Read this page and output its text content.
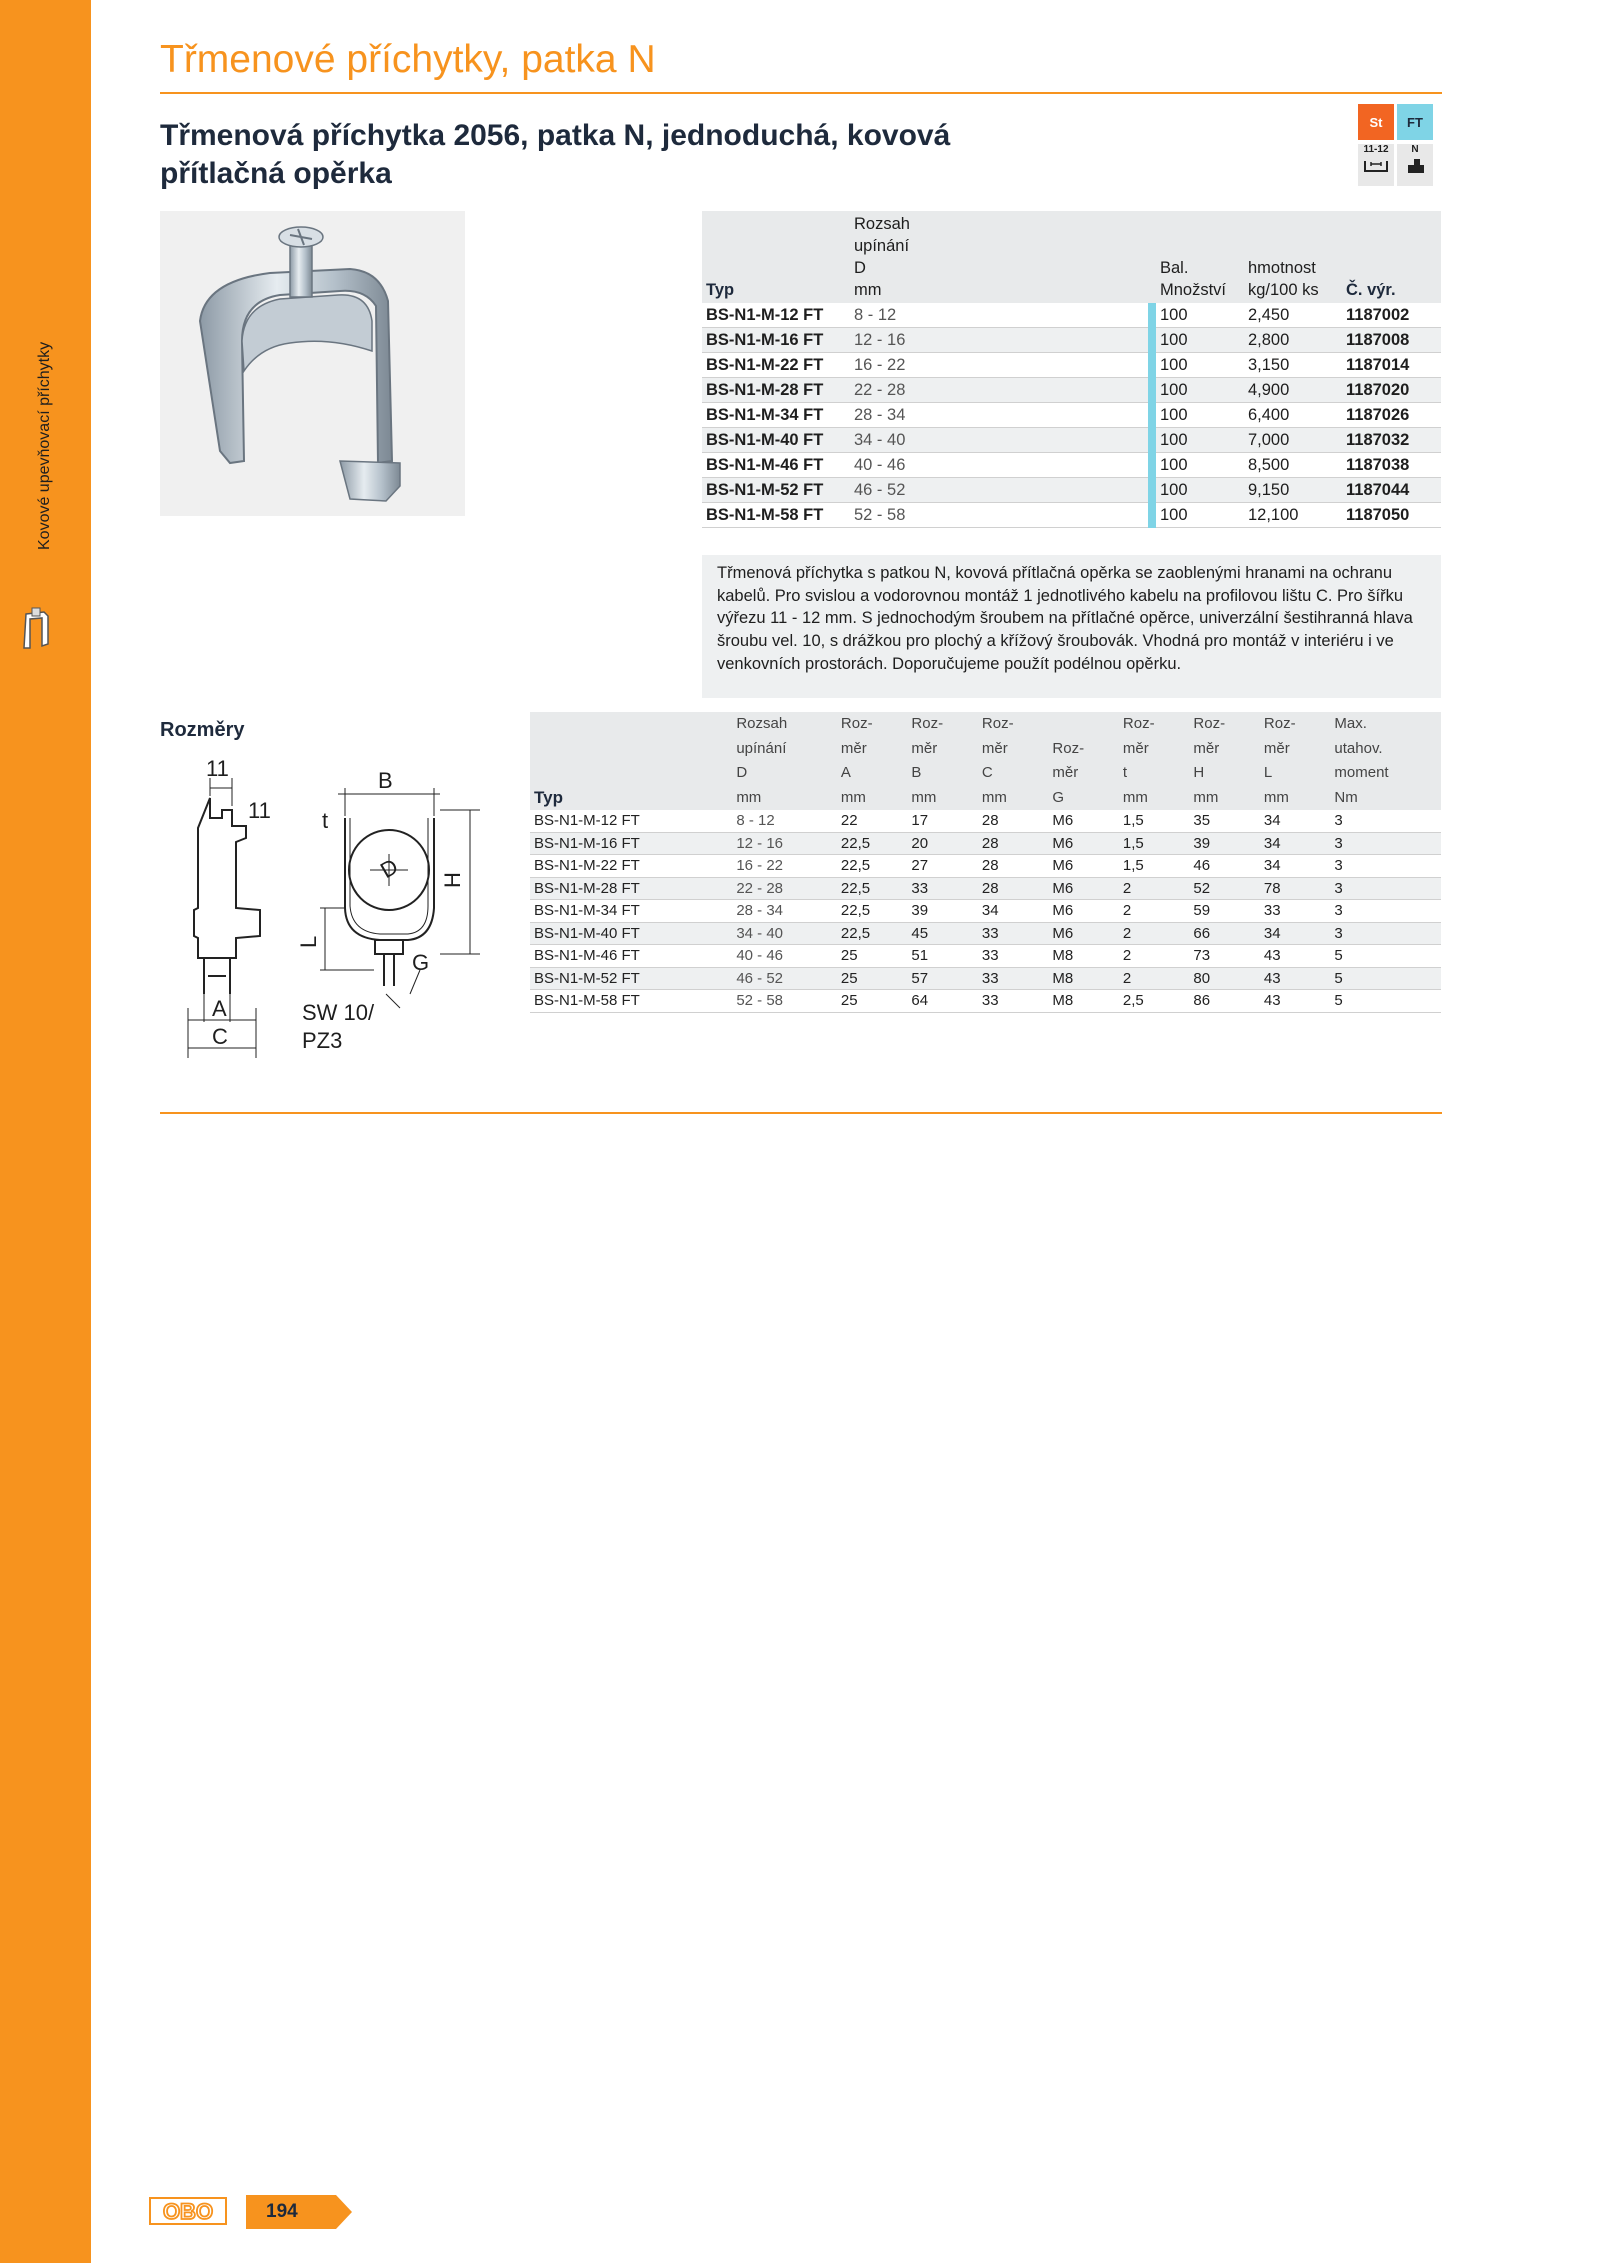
Třmenové příchytky, patka N
Třmenová příchytka 2056, patka N, jednoduchá, kovová
přítlačná opěrka
St	FT
11-12	N
Typ	Rozsah
upínání
D
mm		Bal.
Množství	hmotnost
kg/100 ks	Č. výr.
BS-N1-M-12 FT	8 - 12		100	2,450	1187002
BS-N1-M-16 FT	12 - 16		100	2,800	1187008
BS-N1-M-22 FT	16 - 22		100	3,150	1187014
BS-N1-M-28 FT	22 - 28		100	4,900	1187020
BS-N1-M-34 FT	28 - 34		100	6,400	1187026
BS-N1-M-40 FT	34 - 40		100	7,000	1187032
BS-N1-M-46 FT	40 - 46		100	8,500	1187038
BS-N1-M-52 FT	46 - 52		100	9,150	1187044
BS-N1-M-58 FT	52 - 58		100	12,100	1187050
Třmenová příchytka s patkou N, kovová přítlačná opěrka se zaoblenými hranami na ochranu kabelů. Pro svislou a vodorovnou montáž 1 jednotlivého kabelu na profilovou lištu C. Pro šířku výřezu 11 - 12 mm. S jednochodým šroubem na přítlačné opěrce, univerzální šestihranná hlava šroubu vel. 10, s drážkou pro plochý a křížový šroubovák. Vhodná pro montáž v interiéru i ve venkovních prostorách. Doporučujeme použít podélnou opěrku.
Rozměry
11
11
A
C
B
t
D H
L
G
SW 10/
PZ3
	Rozsah	Roz-	Roz-	Roz-		Roz-	Roz-	Roz-	Max.
	upínání	měr	měr	měr	Roz-	měr	měr	měr	utahov.
	D	A	B	C	měr	t	H	L	moment
Typ	mm	mm	mm	mm	G	mm	mm	mm	Nm
BS-N1-M-12 FT	8 - 12	22	17	28	M6	1,5	35	34	3
BS-N1-M-16 FT	12 - 16	22,5	20	28	M6	1,5	39	34	3
BS-N1-M-22 FT	16 - 22	22,5	27	28	M6	1,5	46	34	3
BS-N1-M-28 FT	22 - 28	22,5	33	28	M6	2	52	78	3
BS-N1-M-34 FT	28 - 34	22,5	39	34	M6	2	59	33	3
BS-N1-M-40 FT	34 - 40	22,5	45	33	M6	2	66	34	3
BS-N1-M-46 FT	40 - 46	25	51	33	M8	2	73	43	5
BS-N1-M-52 FT	46 - 52	25	57	33	M8	2	80	43	5
BS-N1-M-58 FT	52 - 58	25	64	33	M8	2,5	86	43	5
OBO	194
